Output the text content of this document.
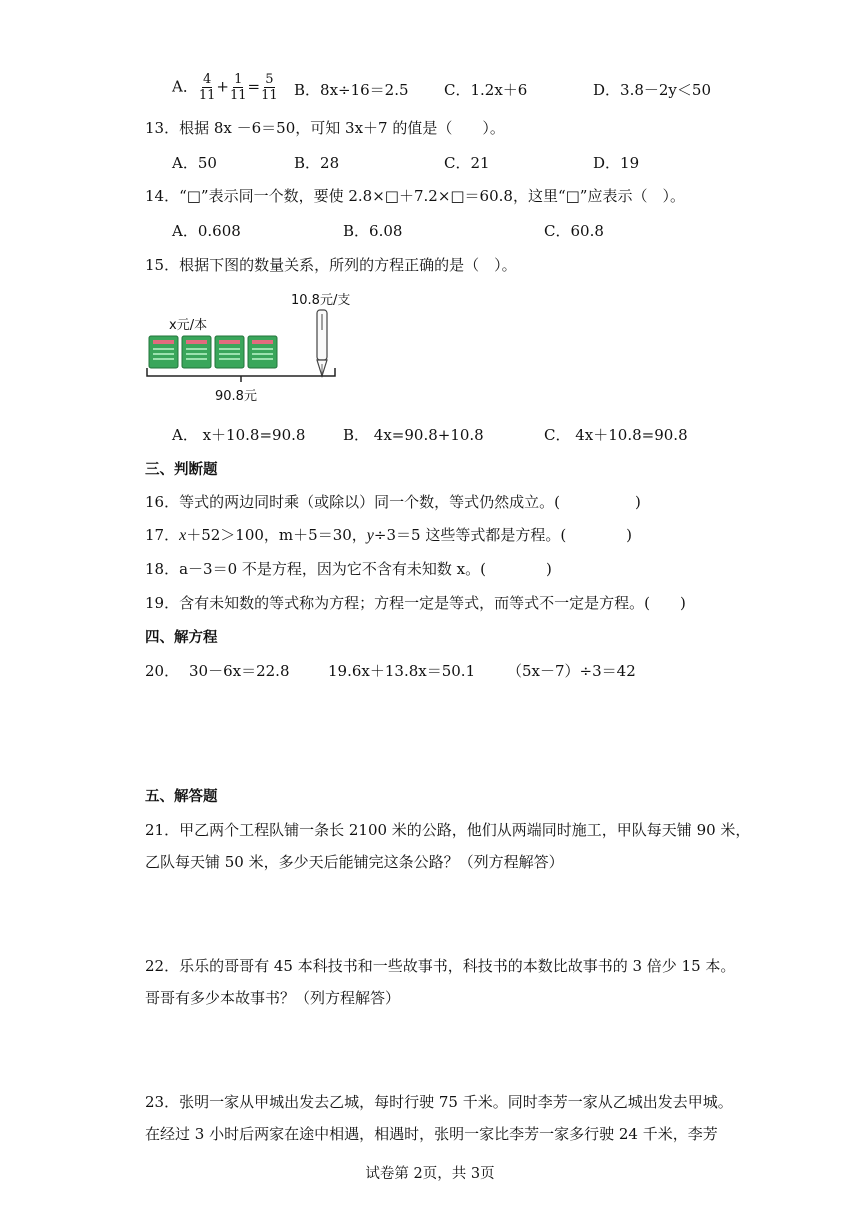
A． $\frac{4}{11} + \frac{1}{11} = \frac{5}{11}$ B．8x÷16＝2.5 C．1.2x＋6	D．3.8－2y＜50
13．根据 8x －6＝50，可知 3x＋7 的值是（　　）。
A．50	B．28	C．21	D．19
14．“□”表示同一个数，要使 2.8×□＋7.2×□＝60.8，这里“□”应表示（　）。
A．0.608	B．6.08	C．60.8
15．根据下图的数量关系，所列的方程正确的是（　）。
10.8元/支
x元/本
90.8元
A． x＋10.8=90.8	B． 4x=90.8+10.8	C． 4x＋10.8=90.8
三、判断题
16．等式的两边同时乘（或除以）同一个数，等式仍然成立。(　　　　　)
17．x＋52＞100，m＋5＝30，y÷3＝5 这些等式都是方程。(　　　　)
18．a－3＝0 不是方程，因为它不含有未知数 x。(　　　　)
19．含有未知数的等式称为方程；方程一定是等式，而等式不一定是方程。(　　)
四、解方程
20． 30－6x＝22.8	19.6x＋13.8x＝50.1 （5x－7）÷3＝42
五、解答题
21．甲乙两个工程队铺一条长 2100 米的公路，他们从两端同时施工，甲队每天铺 90 米，
乙队每天铺 50 米，多少天后能铺完这条公路？（列方程解答）
22．乐乐的哥哥有 45 本科技书和一些故事书，科技书的本数比故事书的 3 倍少 15 本。
哥哥有多少本故事书？（列方程解答）
23．张明一家从甲城出发去乙城，每时行驶 75 千米。同时李芳一家从乙城出发去甲城。
在经过 3 小时后两家在途中相遇，相遇时，张明一家比李芳一家多行驶 24 千米，李芳
试卷第 2页，共 3页
